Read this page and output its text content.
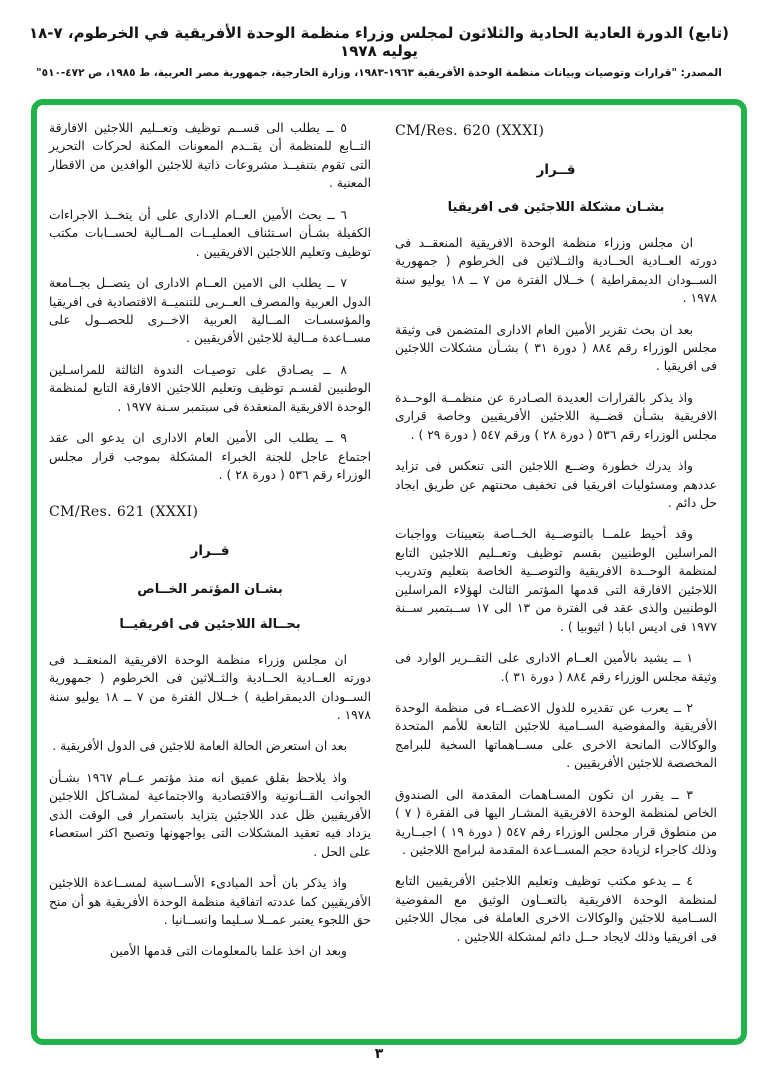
(تابع) الدورة العادية الحادية والثلاثون لمجلس وزراء منظمة الوحدة الأفريقية في الخرطوم، ٧-١٨ يوليه ١٩٧٨
المصدر: "قرارات وتوصيات وبيانات منظمة الوحدة الأفريقية ١٩٦٣-١٩٨٣، وزارة الخارجية، جمهورية مصر العربية، ط ١٩٨٥، ص ٤٧٢-٥١٠"
CM/Res. 620 (XXXI)
قــرار
بشـان مشكلة اللاجئين فى افريقيا

ان مجلس وزراء منظمة الوحدة الافريقية المنعقــد فى دورته العــادية الحــادية والثــلاثين فى الخرطوم ( جمهورية الســودان الديمقراطية ) خــلال الفترة من ٧ ــ ١٨ يوليو سنة ١٩٧٨ .

بعد ان بحث تقرير الأمين العام الادارى المتضمن فى وثيقة مجلس الوزراء رقم ٨٨٤ ( دورة ٣١ ) بشـأن مشكلات اللاجئين فى افريقيا .

واذ يذكر بالقرارات العديدة الصـادرة عن منظمــة الوحــدة الافريقية بشـأن قضــية اللاجئين الأفريقيين وخاصة قرارى مجلس الوزراء رقم ٥٣٦ ( دورة ٢٨ ) ورقم ٥٤٧ ( دورة ٢٩ ) .

واذ يدرك خطورة وضــع اللاجئين التى تنعكس فى تزايد عددهم ومسئوليات افريقيا فى تخفيف محنتهم عن طريق ايجاد حل دائم .

وقد أحيط علمــا بالتوصــية الخــاصة بتعيينات وواجبات المراسلين الوطنيين بقسم توظيف وتعــليم اللاجئين التابع لمنظمة الوحــدة الافريقية والتوصــية الخاصة بتعليم وتدريب اللاجئين الافارقة التى قدمها المؤتمر الثالث لهؤلاء المراسلين الوطنيين والذى عقد فى الفترة من ١٣ الى ١٧ ســبتمبر ســنة ١٩٧٧ فى اديس ابابا ( اثيوبيا ) .

١ ــ يشيد بالأمين العــام الادارى على التقــرير الوارد فى وثيقة مجلس الوزراء رقم ٨٨٤ ( دورة ٣١ ).

٢ ــ يعرب عن تقديره للدول الاعضــاء فى منظمة الوحدة الأفريقية والمفوضية الســامية للاجئين التابعة للأمم المتحدة والوكالات المانحة الاخرى على مســاهماتها السخية للبرامج المخصصة للاجئين الأفريقيين .

٣ ــ يقرر ان تكون المسـاهمات المقدمة الى الصندوق الخاص لمنظمة الوحدة الافريقية المشـار اليها فى الفقرة ( ٧ ) من منطوق قرار مجلس الوزراء رقم ٥٤٧ ( دورة ١٩ ) اجبــارية وذلك كاجراء لزيادة حجم المســاعدة المقدمة لبرامج اللاجئين .

٤ ــ يدعو مكتب توظيف وتعليم اللاجئين الأفريقيين التابع لمنظمة الوحدة الافريقية بالتعــاون الوثيق مع المفوضية الســامية للاجئين والوكالات الاخرى العاملة فى مجال اللاجئين فى افريقيا وذلك لايجاد حــل دائم لمشكلة اللاجئين .

٥ ــ يطلب الى قســم توظيف وتعــليم اللاجئين الافارقة التــابع للمنظمة أن يقــدم المعونات المكنة لحركات التحرير التى تقوم بتنفيــذ مشروعات ذاتية للاجئين الوافدين من الاقطار المعنية .

٦ ــ يحث الأمين العــام الادارى على أن يتخــذ الاجراءات الكفيلة بشـأن اسـتئناف العمليــات المــالية لحســابات مكتب توظيف وتعليم اللاجئين الافريقيين .

٧ ــ يطلب الى الامين العــام الادارى ان يتصــل بجــامعة الدول العربية والمصرف العــربى للتنميــة الاقتصادية فى افريقيا والمؤسسـات المــالية العربية الاخــرى للحصــول على مســاعدة مــالية للاجئين الأفريقيين .

٨ ــ يصـادق على توصيـات الندوة الثالثة للمراسـلين الوطنيين لقسـم توظيف وتعليم اللاجئين الافارقة التابع لمنظمة الوحدة الافريقية المنعقدة فى سبتمبر سـنة ١٩٧٧ .

٩ ــ يطلب الى الأمين العام الادارى ان يدعو الى عقد اجتماع عاجل للجنة الخبراء المشكلة بموجب قرار مجلس الوزراء رقم ٥٣٦ ( دورة ٢٨ ) .

CM/Res. 621 (XXXI)
قــرار
بشـان المؤتمر الخــاص
بحــالة اللاجئين فى افريقيــا

ان مجلس وزراء منظمة الوحدة الافريقية المنعقــد فى دورته العــادية الحــادية والثــلاثين فى الخرطوم ( جمهورية الســودان الديمقراطية ) خــلال الفترة من ٧ ــ ١٨ يوليو سنة ١٩٧٨ .

بعد ان استعرض الحالة العامة للاجئين فى الدول الأفريقية .

واذ يلاحظ بقلق عميق انه منذ مؤتمر عــام ١٩٦٧ بشـأن الجوانب القــانونية والاقتصادية والاجتماعية لمشـاكل اللاجئين الأفريقيين ظل عدد اللاجئين يتزايد باستمرار فى الوقت الذى يزداد فيه تعقيد المشكلات التى يواجهونها وتصبح اكثر استعصاء على الحل .

واذ يذكر بان أحد المبادىء الأســاسية لمســاعدة اللاجئين الأفريقيين كما عددته اتفاقية منظمة الوحدة الأفريقية هو أن منح حق اللجوء يعتبر عمــلا سـليما وانســانيا .

وبعد ان اخذ علما بالمعلومات التى قدمها الأمين

٣
